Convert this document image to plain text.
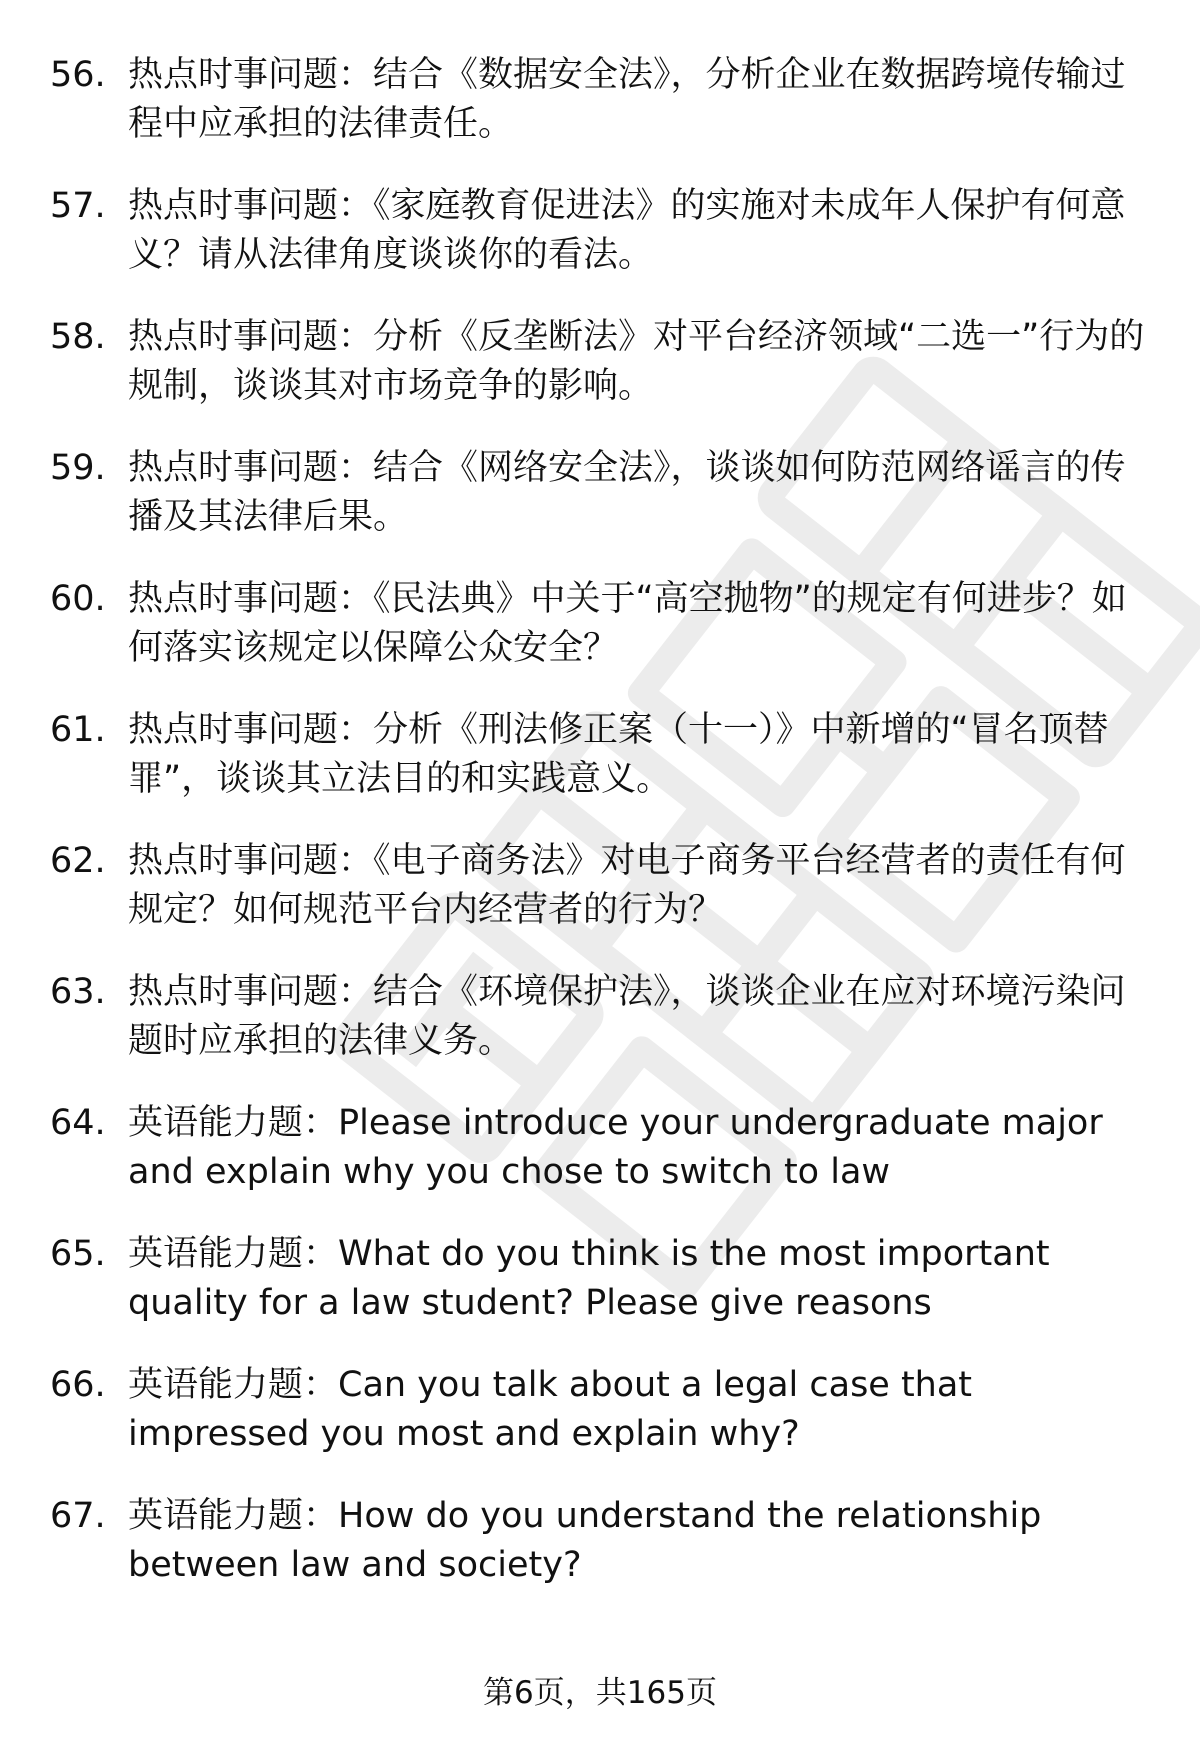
56. 热点时事问题：结合《数据安全法》，分析企业在数据跨境传输过程中应承担的法律责任。
57. 热点时事问题：《家庭教育促进法》的实施对未成年人保护有何意义？请从法律角度谈谈你的看法。
58. 热点时事问题：分析《反垄断法》对平台经济领域“二选一”行为的规制，谈谈其对市场竞争的影响。
59. 热点时事问题：结合《网络安全法》，谈谈如何防范网络谣言的传播及其法律后果。
60. 热点时事问题：《民法典》中关于“高空抛物”的规定有何进步？如何落实该规定以保障公众安全？
61. 热点时事问题：分析《刑法修正案（十一）》中新增的“冒名顶替罪”，谈谈其立法目的和实践意义。
62. 热点时事问题：《电子商务法》对电子商务平台经营者的责任有何规定？如何规范平台内经营者的行为？
63. 热点时事问题：结合《环境保护法》，谈谈企业在应对环境污染问题时应承担的法律义务。
64. 英语能力题：Please introduce your undergraduate major and explain why you chose to switch to law
65. 英语能力题：What do you think is the most important quality for a law student? Please give reasons
66. 英语能力题：Can you talk about a legal case that impressed you most and explain why?
67. 英语能力题：How do you understand the relationship between law and society?
第6页，共165页
